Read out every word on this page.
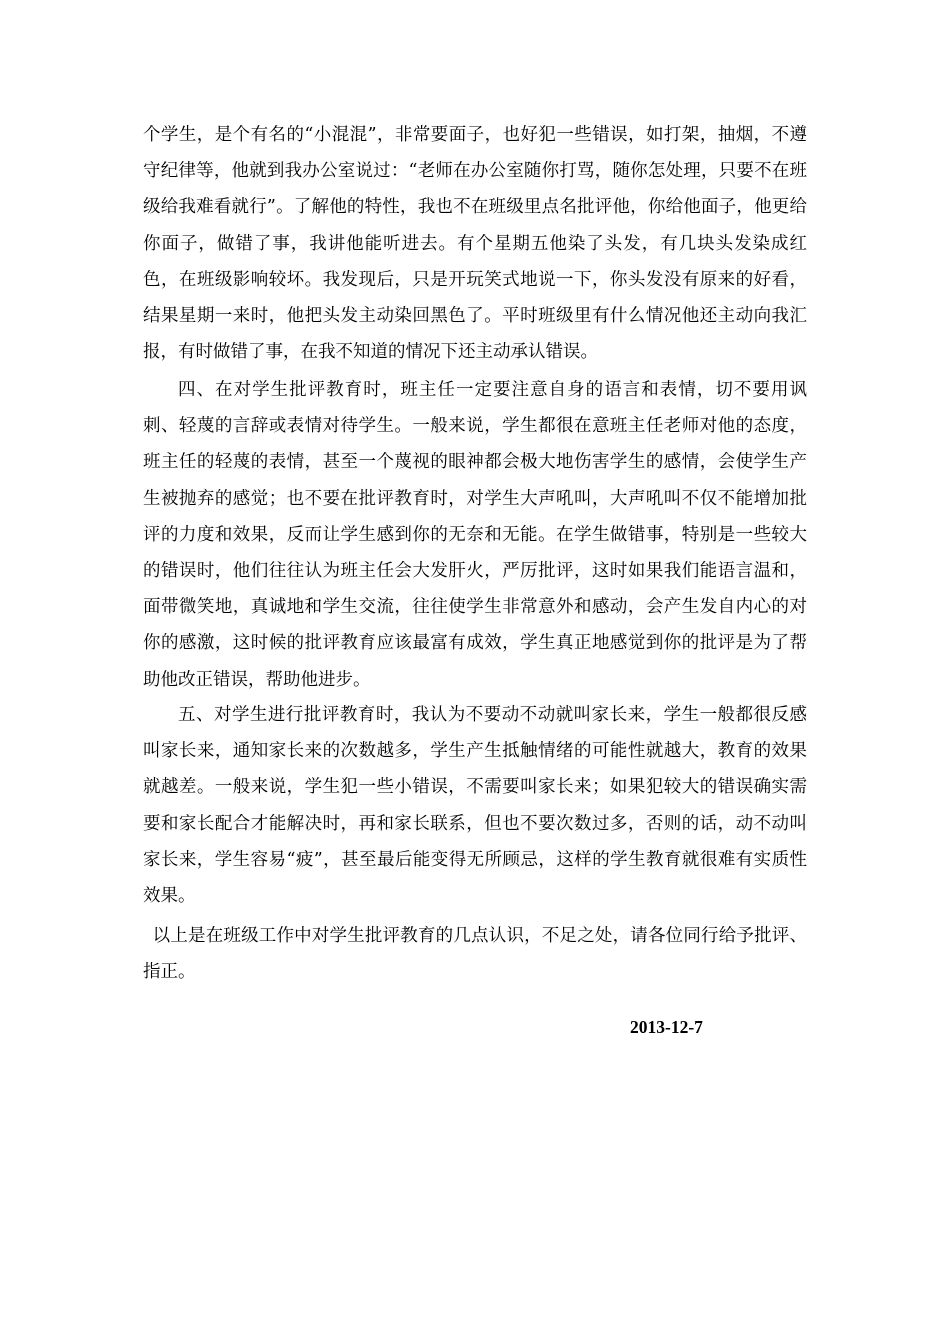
个学生，是个有名的“小混混”，非常要面子，也好犯一些错误，如打架，抽烟，不遵守纪律等，他就到我办公室说过：“老师在办公室随你打骂，随你怎处理，只要不在班级给我难看就行”。了解他的特性，我也不在班级里点名批评他，你给他面子，他更给你面子，做错了事，我讲他能听进去。有个星期五他染了头发，有几块头发染成红色，在班级影响较坏。我发现后，只是开玩笑式地说一下，你头发没有原来的好看，结果星期一来时，他把头发主动染回黑色了。平时班级里有什么情况他还主动向我汇报，有时做错了事，在我不知道的情况下还主动承认错误。

四、在对学生批评教育时，班主任一定要注意自身的语言和表情，切不要用讽刺、轻蔑的言辞或表情对待学生。一般来说，学生都很在意班主任老师对他的态度，班主任的轻蔑的表情，甚至一个蔑视的眼神都会极大地伤害学生的感情，会使学生产生被抛弃的感觉；也不要在批评教育时，对学生大声吼叫，大声吼叫不仅不能增加批评的力度和效果，反而让学生感到你的无奈和无能。在学生做错事，特别是一些较大的错误时，他们往往认为班主任会大发肝火，严厉批评，这时如果我们能语言温和，面带微笑地，真诚地和学生交流，往往使学生非常意外和感动，会产生发自内心的对你的感激，这时候的批评教育应该最富有成效，学生真正地感觉到你的批评是为了帮助他改正错误，帮助他进步。

五、对学生进行批评教育时，我认为不要动不动就叫家长来，学生一般都很反感叫家长来，通知家长来的次数越多，学生产生抵触情绪的可能性就越大，教育的效果就越差。一般来说，学生犯一些小错误，不需要叫家长来；如果犯较大的错误确实需要和家长配合才能解决时，再和家长联系，但也不要次数过多，否则的话，动不动叫家长来，学生容易“疲”，甚至最后能变得无所顾忌，这样的学生教育就很难有实质性效果。

以上是在班级工作中对学生批评教育的几点认识，不足之处，请各位同行给予批评、指正。

2013-12-7
